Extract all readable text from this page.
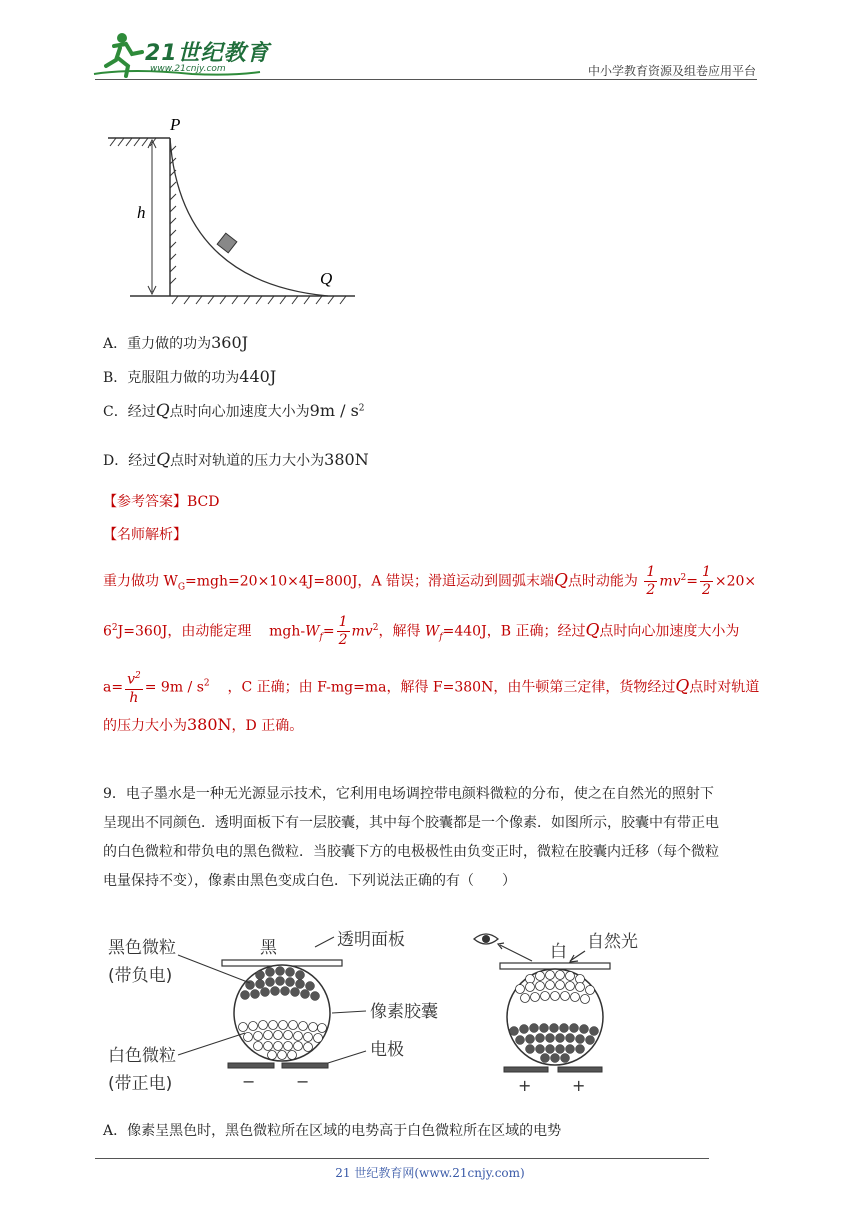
21世纪教育
www.21cnjy.com	中小学教育资源及组卷应用平台
P
h
Q
A．重力做的功为360J
B．克服阻力做的功为440J
C．经过Q点时向心加速度大小为$9m / s^2$
D．经过Q点时对轨道的压力大小为380N
【参考答案】BCD
【名师解析】
重力做功 $W_G=mgh=20\times 10\times 4J=800J$，A 错误；滑道运动到圆弧末端Q点时动能为 $\frac{1}{2} mv^2= \frac{1}{2} \times 20\times$
$6^2J=360J$，由动能定理 mgh-$W_f= \frac{1}{2} mv^2$，解得 $W_f=440J$，B 正确；经过Q点时向心加速度大小为
$a= \frac{v^2}{h} = 9m / s^2$ ，C 正确；由 F-mg=ma，解得 F=380N，由牛顿第三定律，货物经过Q点时对轨道
的压力大小为380N，D 正确。
9．电子墨水是一种无光源显示技术，它利用电场调控带电颜料微粒的分布，使之在自然光的照射下
呈现出不同颜色．透明面板下有一层胶囊，其中每个胶囊都是一个像素．如图所示，胶囊中有带正电
的白色微粒和带负电的黑色微粒．当胶囊下方的电极极性由负变正时，微粒在胶囊内迁移（每个微粒
电量保持不变），像素由黑色变成白色．下列说法正确的有（　　）
黑色微粒
(带负电)
白色微粒
(带正电)
黑	透明面板
像素胶囊
电极
白 自然光
−	−	+	+
A．像素呈黑色时，黑色微粒所在区域的电势高于白色微粒所在区域的电势
21 世纪教育网(www.21cnjy.com)
